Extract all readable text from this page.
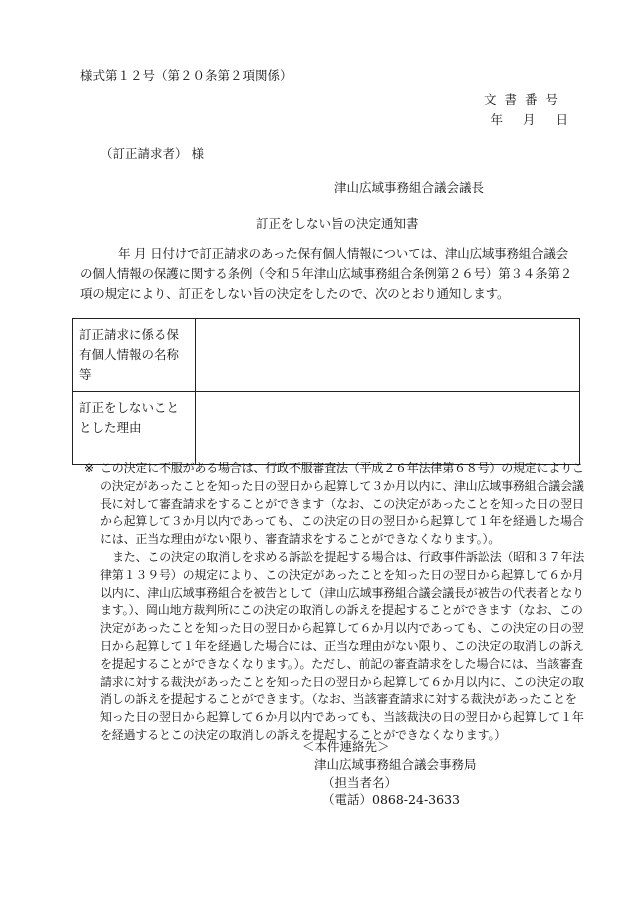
様式第１２号（第２０条第２項関係）
文書番号
年 月 日
（訂正請求者） 様
津山広域事務組合議会議長
訂正をしない旨の決定通知書
年 月 日付けで訂正請求のあった保有個人情報については、津山広域事務組合議会の個人情報の保護に関する条例（令和５年津山広域事務組合条例第２６号）第３４条第２項の規定により、訂正をしない旨の決定をしたので、次のとおり通知します。
訂正請求に係る保有個人情報の名称等	
訂正をしないこととした理由	

※ この決定に不服がある場合は、行政不服審査法（平成２６年法律第６８号）の規定によりこの決定があったことを知った日の翌日から起算して３か月以内に、津山広域事務組合議会議長に対して審査請求をすることができます（なお、この決定があったことを知った日の翌日から起算して３か月以内であっても、この決定の日の翌日から起算して１年を経過した場合には、正当な理由がない限り、審査請求をすることができなくなります。）。

また、この決定の取消しを求める訴訟を提起する場合は、行政事件訴訟法（昭和３７年法律第１３９号）の規定により、この決定があったことを知った日の翌日から起算して６か月以内に、津山広域事務組合を被告として（津山広域事務組合議会議長が被告の代表者となります。）、岡山地方裁判所にこの決定の取消しの訴えを提起することができます（なお、この決定があったことを知った日の翌日から起算して６か月以内であっても、この決定の日の翌日から起算して１年を経過した場合には、正当な理由がない限り、この決定の取消しの訴えを提起することができなくなります。）。ただし、前記の審査請求をした場合には、当該審査請求に対する裁決があったことを知った日の翌日から起算して６か月以内に、この決定の取消しの訴えを提起することができます。（なお、当該審査請求に対する裁決があったことを知った日の翌日から起算して６か月以内であっても、当該裁決の日の翌日から起算して１年を経過するとこの決定の取消しの訴えを提起することができなくなります。）

＜本件連絡先＞
津山広域事務組合議会事務局
（担当者名）
（電話）0868-24-3633
